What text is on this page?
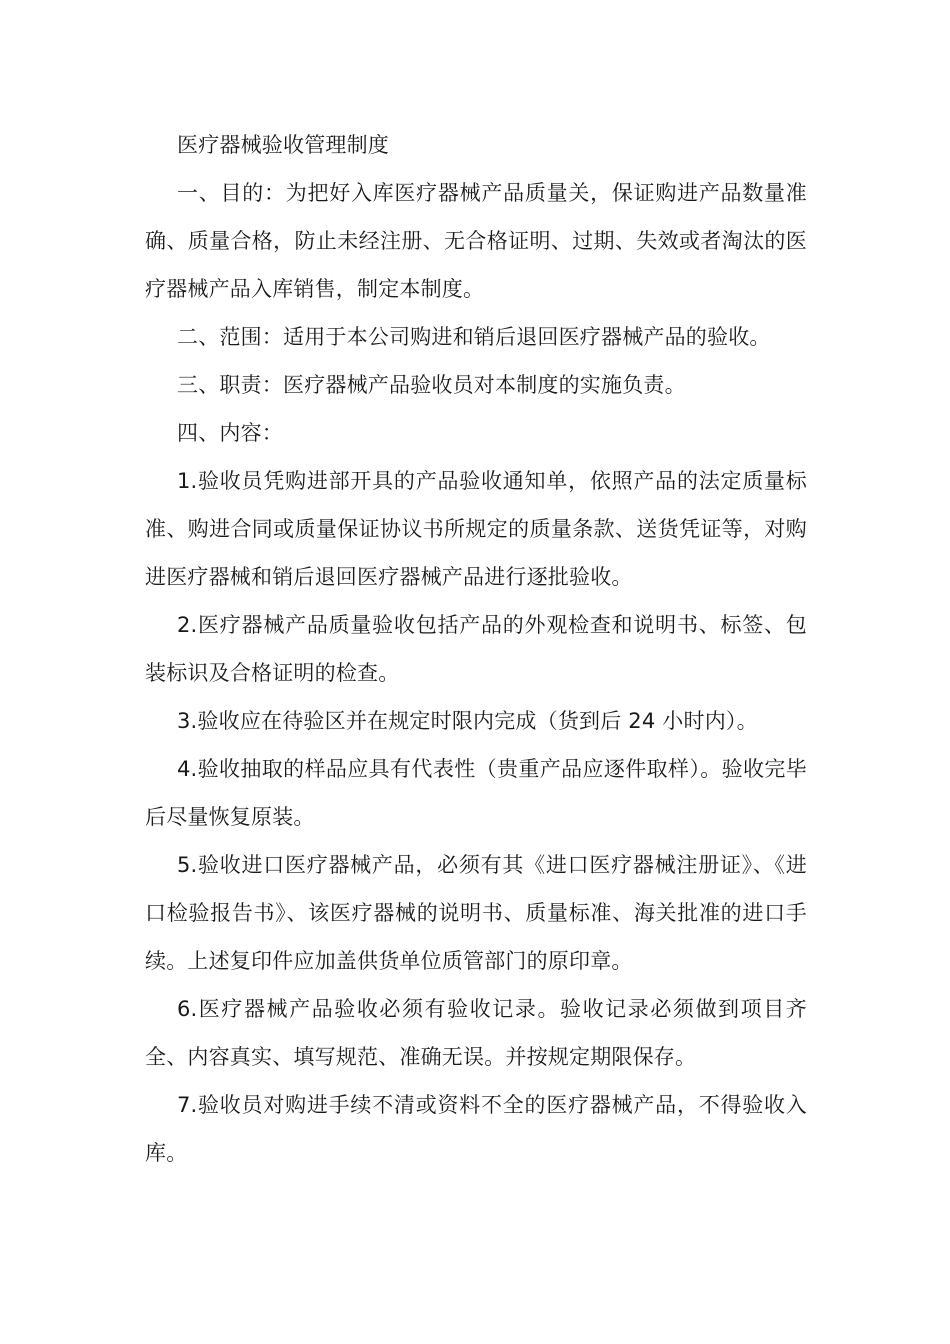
医疗器械验收管理制度

一、目的：为把好入库医疗器械产品质量关，保证购进产品数量准确、质量合格，防止未经注册、无合格证明、过期、失效或者淘汰的医疗器械产品入库销售，制定本制度。

二、范围：适用于本公司购进和销后退回医疗器械产品的验收。

三、职责：医疗器械产品验收员对本制度的实施负责。

四、内容：

1.验收员凭购进部开具的产品验收通知单，依照产品的法定质量标准、购进合同或质量保证协议书所规定的质量条款、送货凭证等，对购进医疗器械和销后退回医疗器械产品进行逐批验收。

2.医疗器械产品质量验收包括产品的外观检查和说明书、标签、包装标识及合格证明的检查。

3.验收应在待验区并在规定时限内完成（货到后 24 小时内）。

4.验收抽取的样品应具有代表性（贵重产品应逐件取样）。验收完毕后尽量恢复原装。

5.验收进口医疗器械产品，必须有其《进口医疗器械注册证》、《进口检验报告书》、该医疗器械的说明书、质量标准、海关批准的进口手续。上述复印件应加盖供货单位质管部门的原印章。

6.医疗器械产品验收必须有验收记录。验收记录必须做到项目齐全、内容真实、填写规范、准确无误。并按规定期限保存。

7.验收员对购进手续不清或资料不全的医疗器械产品，不得验收入库。
